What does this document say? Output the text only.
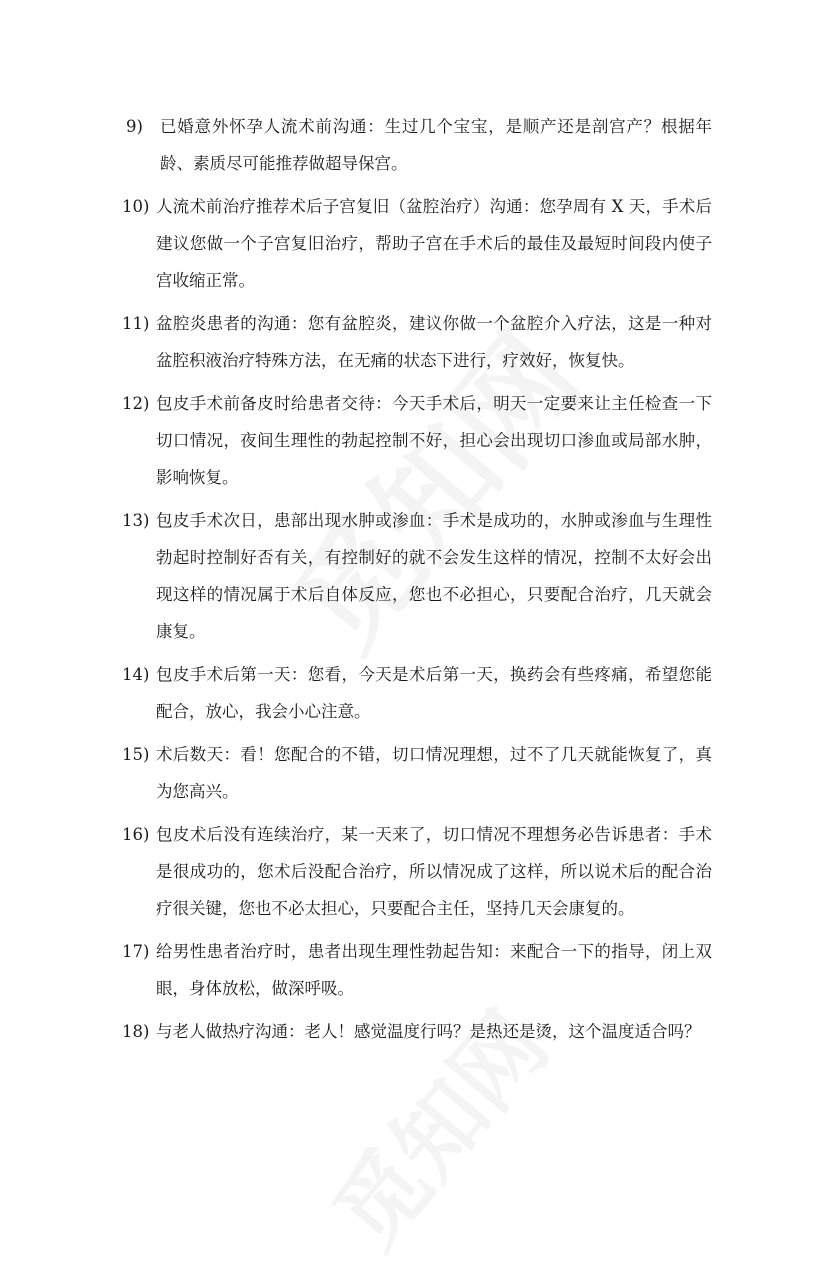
9)	已婚意外怀孕人流术前沟通：生过几个宝宝，是顺产还是剖宫产？根据年龄、素质尽可能推荐做超导保宫。
10) 人流术前治疗推荐术后子宫复旧（盆腔治疗）沟通：您孕周有 X 天，手术后建议您做一个子宫复旧治疗，帮助子宫在手术后的最佳及最短时间段内使子宫收缩正常。
11) 盆腔炎患者的沟通：您有盆腔炎，建议你做一个盆腔介入疗法，这是一种对盆腔积液治疗特殊方法，在无痛的状态下进行，疗效好，恢复快。
12) 包皮手术前备皮时给患者交待：今天手术后，明天一定要来让主任检查一下切口情况，夜间生理性的勃起控制不好，担心会出现切口渗血或局部水肿，影响恢复。
13) 包皮手术次日，患部出现水肿或渗血：手术是成功的，水肿或渗血与生理性勃起时控制好否有关，有控制好的就不会发生这样的情况，控制不太好会出现这样的情况属于术后自体反应，您也不必担心，只要配合治疗，几天就会康复。
14) 包皮手术后第一天：您看，今天是术后第一天，换药会有些疼痛，希望您能配合，放心，我会小心注意。
15) 术后数天：看！您配合的不错，切口情况理想，过不了几天就能恢复了，真为您高兴。
16) 包皮术后没有连续治疗，某一天来了，切口情况不理想务必告诉患者：手术是很成功的，您术后没配合治疗，所以情况成了这样，所以说术后的配合治疗很关键，您也不必太担心，只要配合主任，坚持几天会康复的。
17) 给男性患者治疗时，患者出现生理性勃起告知：来配合一下的指导，闭上双眼，身体放松，做深呼吸。
18) 与老人做热疗沟通：老人！感觉温度行吗？是热还是烫，这个温度适合吗？
